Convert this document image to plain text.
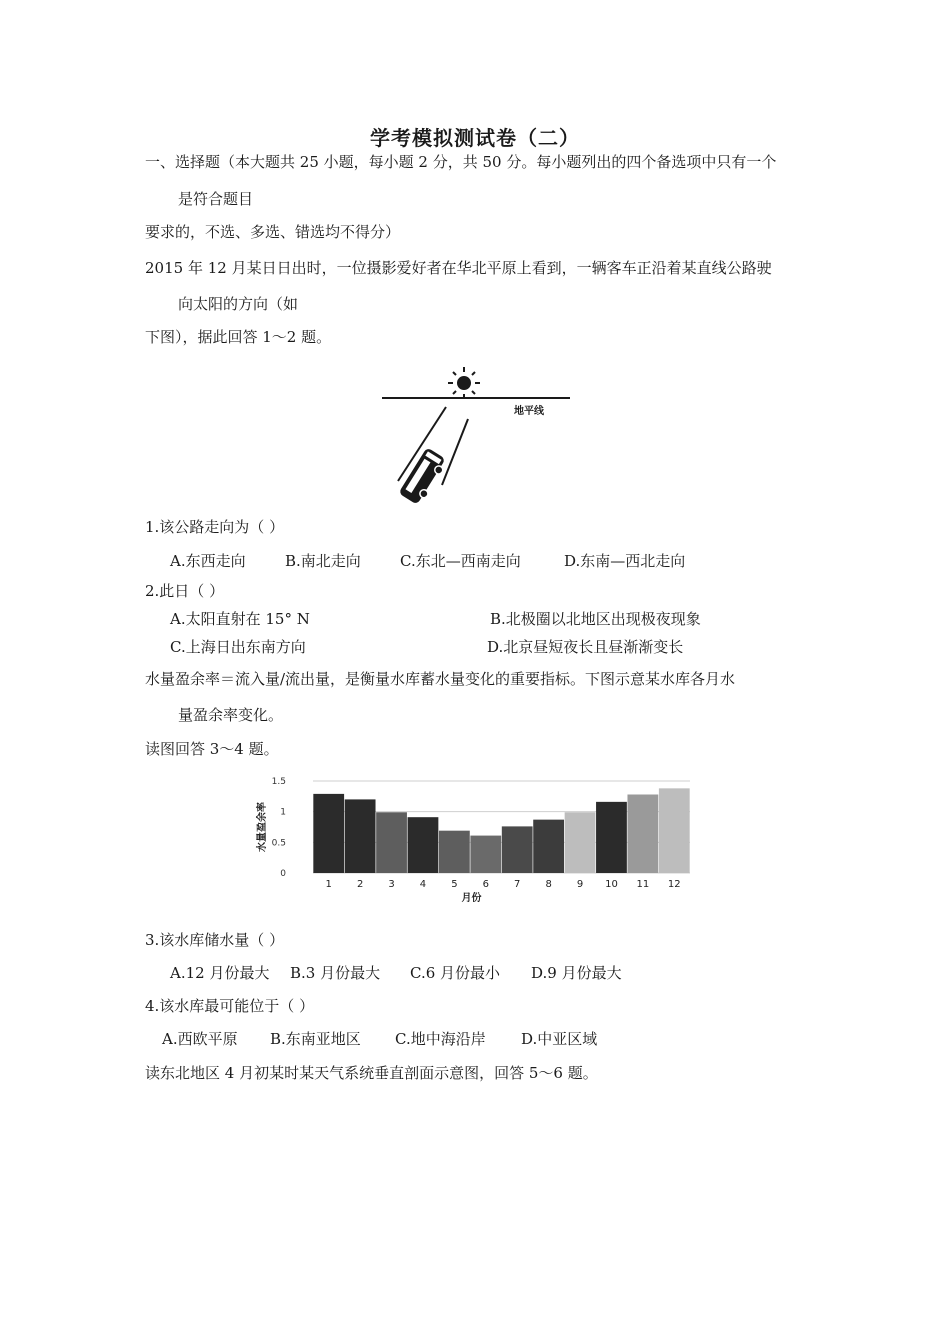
学考模拟测试卷（二）
一、选择题（本大题共 25 小题，每小题 2 分，共 50 分。每小题列出的四个备选项中只有一个
是符合题目
要求的，不选、多选、错选均不得分）
2015 年 12 月某日日出时，一位摄影爱好者在华北平原上看到，一辆客车正沿着某直线公路驶
向太阳的方向（如
下图），据此回答 1～2 题。
地平线
1.该公路走向为（ ）
A.东西走向	B.南北走向	C.东北—西南走向	D.东南—西北走向
2.此日（ ）
A.太阳直射在 15° N	B.北极圈以北地区出现极夜现象
C.上海日出东南方向	D.北京昼短夜长且昼渐渐变长
水量盈余率＝流入量/流出量，是衡量水库蓄水量变化的重要指标。下图示意某水库各月水
量盈余率变化。
读图回答 3～4 题。
0
0.5
1
1.5
1	2	3	4	5	6	7	8	9 10 11 12
月份
水量盈余率
3.该水库储水量（ ）
A.12 月份最大 B.3 月份最大 C.6 月份最小 D.9 月份最大
4.该水库最可能位于（ ）
A.西欧平原 B.东南亚地区 C.地中海沿岸 D.中亚区域
读东北地区 4 月初某时某天气系统垂直剖面示意图，回答 5～6 题。
